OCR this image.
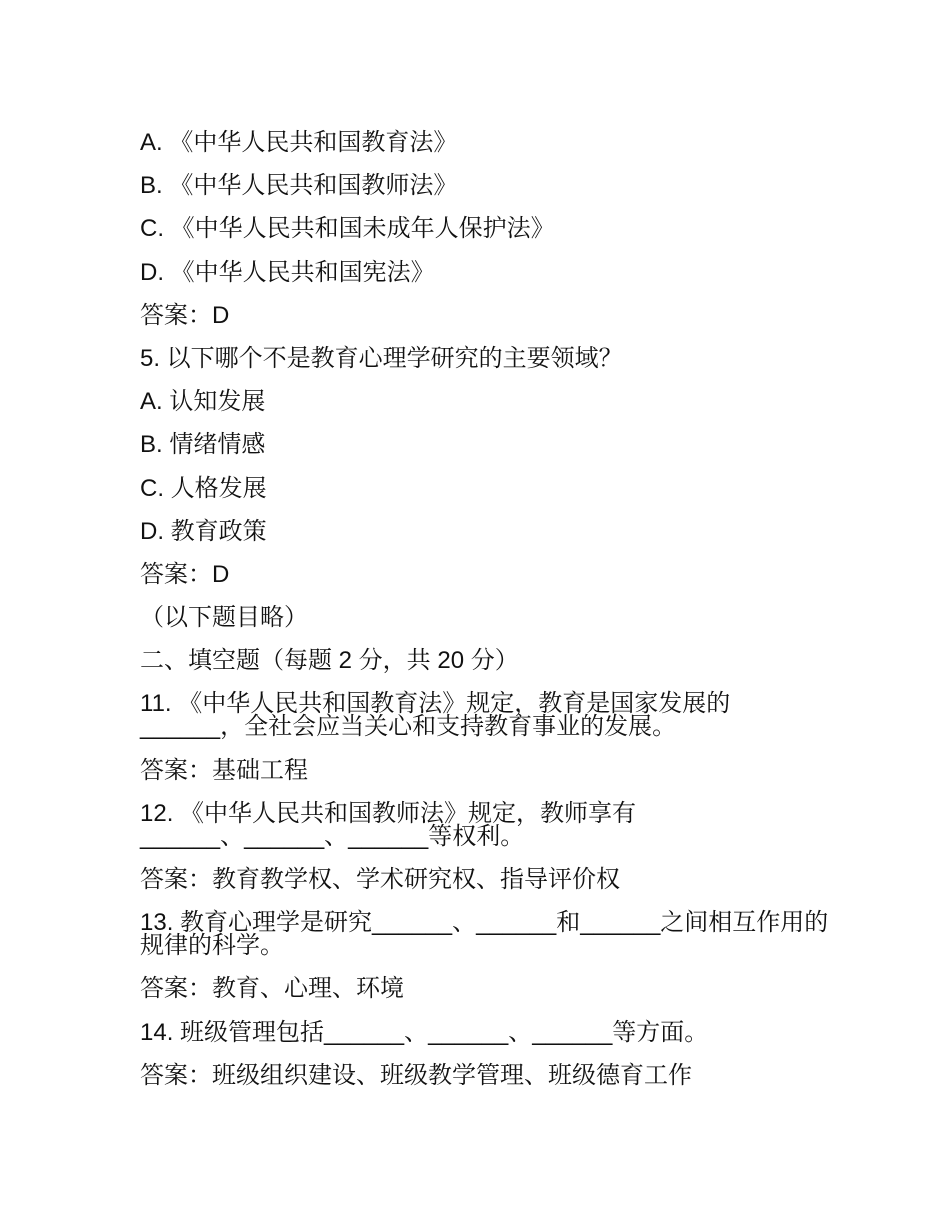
A. 《中华人民共和国教育法》

B. 《中华人民共和国教师法》

C. 《中华人民共和国未成年人保护法》

D. 《中华人民共和国宪法》

答案：D

5. 以下哪个不是教育心理学研究的主要领域？

A. 认知发展

B. 情绪情感

C. 人格发展

D. 教育政策

答案：D

（以下题目略）

二、填空题（每题 2 分，共 20 分）

11. 《中华人民共和国教育法》规定，教育是国家发展的
______，全社会应当关心和支持教育事业的发展。

答案：基础工程

12. 《中华人民共和国教师法》规定，教师享有
______、______、______等权利。

答案：教育教学权、学术研究权、指导评价权

13. 教育心理学是研究______、______和______之间相互作用的
规律的科学。

答案：教育、心理、环境

14. 班级管理包括______、______、______等方面。

答案：班级组织建设、班级教学管理、班级德育工作
